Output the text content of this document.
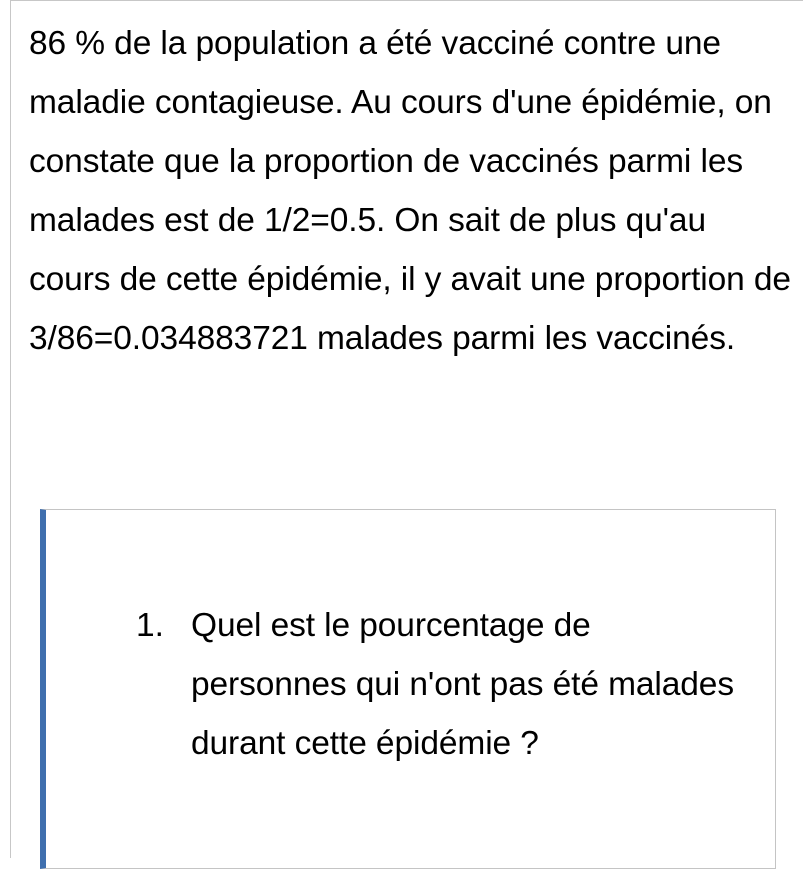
86 % de la population a été vacciné contre une maladie contagieuse. Au cours d'une épidémie, on constate que la proportion de vaccinés parmi les malades est de 1/2=0.5. On sait de plus qu'au cours de cette épidémie, il y avait une proportion de 3/86=0.034883721 malades parmi les vaccinés.

1. Quel est le pourcentage de personnes qui n'ont pas été malades durant cette épidémie ?
